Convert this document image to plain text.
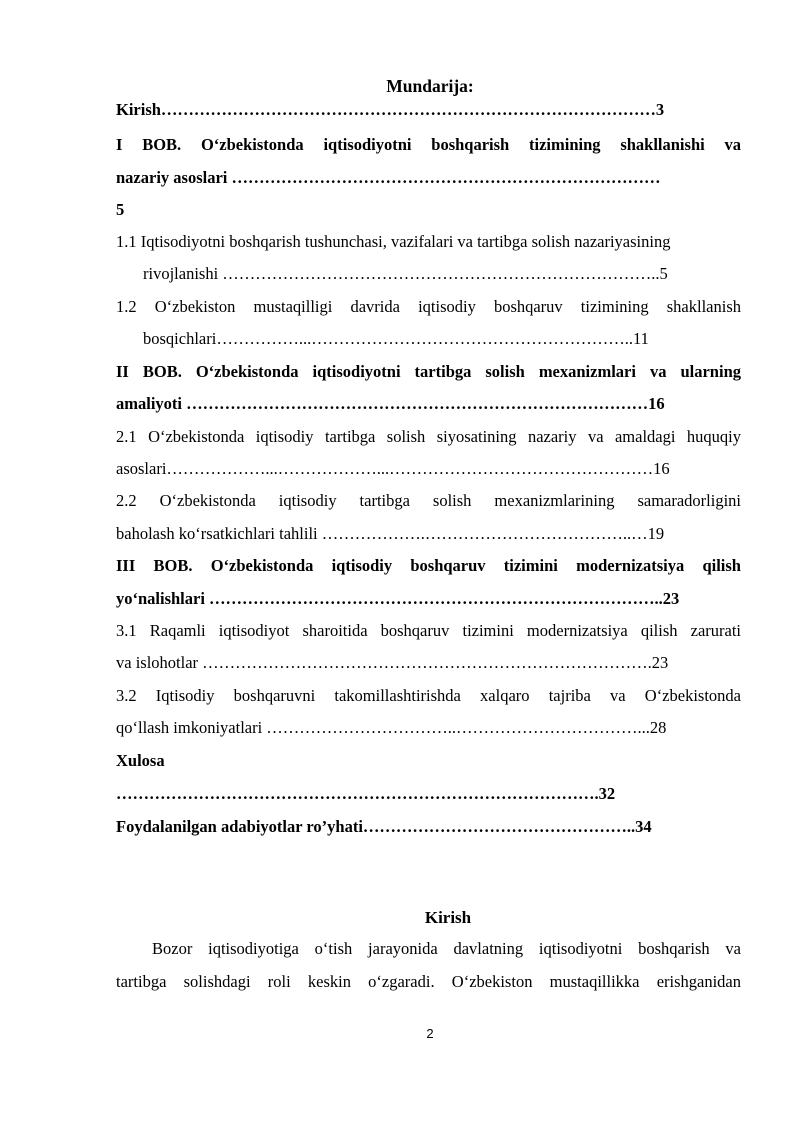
Mundarija:
Kirish………………………………………………………………………………3
I BOB. O‘zbekistonda iqtisodiyotni boshqarish tizimining shakllanishi va
nazariy asoslari ……………………………………………………………………
5
1.1 Iqtisodiyotni boshqarish tushunchasi, vazifalari va tartibga solish nazariyasining
rivojlanishi ……………………………………………………………………..5
1.2 O‘zbekiston mustaqilligi davrida iqtisodiy boshqaruv tizimining shakllanish
bosqichlari……………...…………………………………………………..11
II BOB. O‘zbekistonda iqtisodiyotni tartibga solish mexanizmlari va ularning
amaliyoti …………………………………………………………………………16
2.1 O‘zbekistonda iqtisodiy tartibga solish siyosatining nazariy va amaldagi huquqiy
asoslari………………...………………...…………………………………………16
2.2 O‘zbekistonda iqtisodiy tartibga solish mexanizmlarining samaradorligini
baholash ko‘rsatkichlari tahlili ……………….………………………………..…19
III BOB. O‘zbekistonda iqtisodiy boshqaruv tizimini modernizatsiya qilish
yo‘nalishlari ………………………………………………………………………..23
3.1 Raqamli iqtisodiyot sharoitida boshqaruv tizimini modernizatsiya qilish zarurati
va islohotlar ……………………………………………………………………….23
3.2 Iqtisodiy boshqaruvni takomillashtirishda xalqaro tajriba va O‘zbekistonda
qo‘llash imkoniyatlari ……………………………..……………………………...28
Xulosa
…………………………………………………………………………….32
Foydalanilgan adabiyotlar ro’yhati…………………………………………..34
Kirish
Bozor iqtisodiyotiga o‘tish jarayonida davlatning iqtisodiyotni boshqarish va
tartibga solishdagi roli keskin o‘zgaradi. O‘zbekiston mustaqillikka erishganidan
2
